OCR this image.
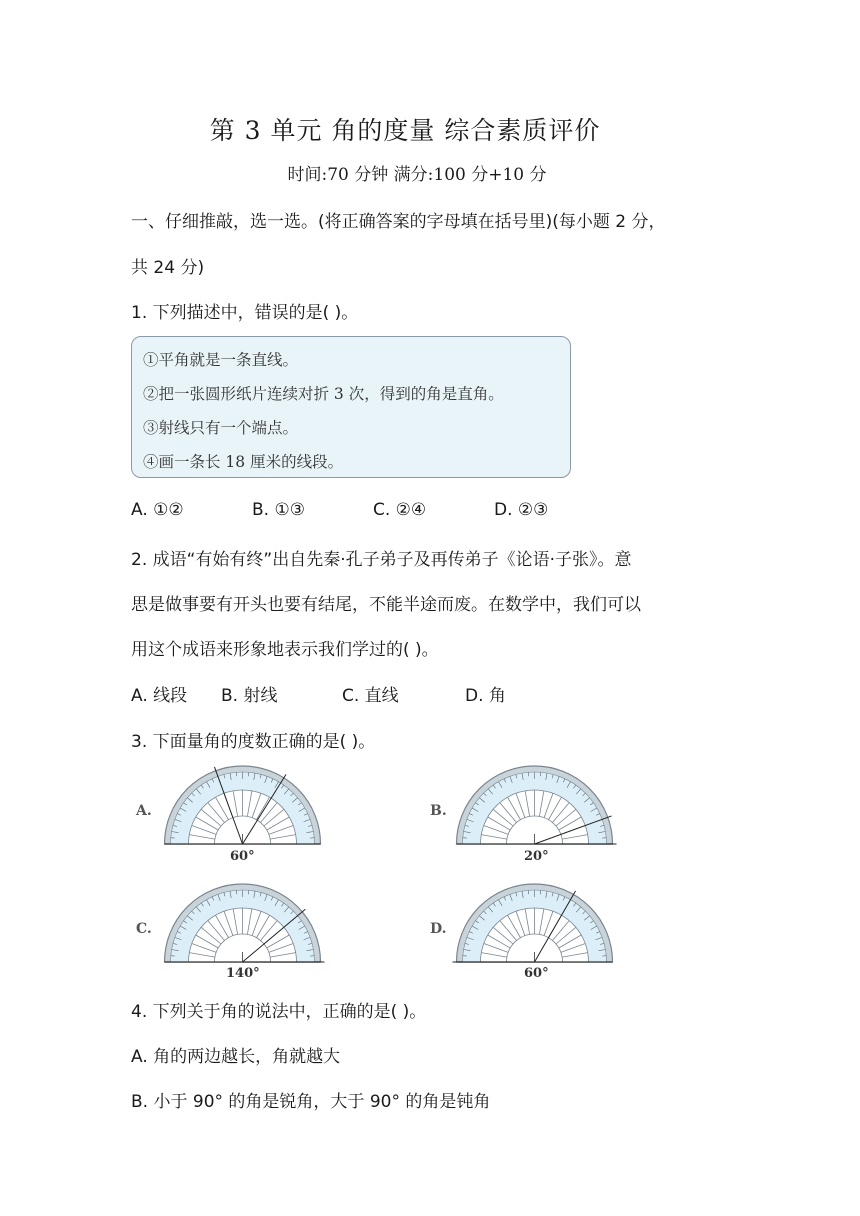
第 3 单元 角的度量 综合素质评价
时间:70 分钟 满分:100 分+10 分
一、仔细推敲，选一选。(将正确答案的字母填在括号里)(每小题 2 分，
共 24 分)
1. 下列描述中，错误的是( )。
①平角就是一条直线。
②把一张圆形纸片连续对折 3 次，得到的角是直角。
③射线只有一个端点。
④画一条长 18 厘米的线段。
A. ①②	B. ①③	C. ②④	D. ②③
2. 成语“有始有终”出自先秦·孔子弟子及再传弟子《论语·子张》。意
思是做事要有开头也要有结尾，不能半途而废。在数学中，我们可以
用这个成语来形象地表示我们学过的( )。
A. 线段 B. 射线	C. 直线	D. 角
3. 下面量角的度数正确的是( )。
A.
60°
B.
20°
C.
140°
D.
60°
4. 下列关于角的说法中，正确的是( )。
A. 角的两边越长，角就越大
B. 小于 90° 的角是锐角，大于 90° 的角是钝角
